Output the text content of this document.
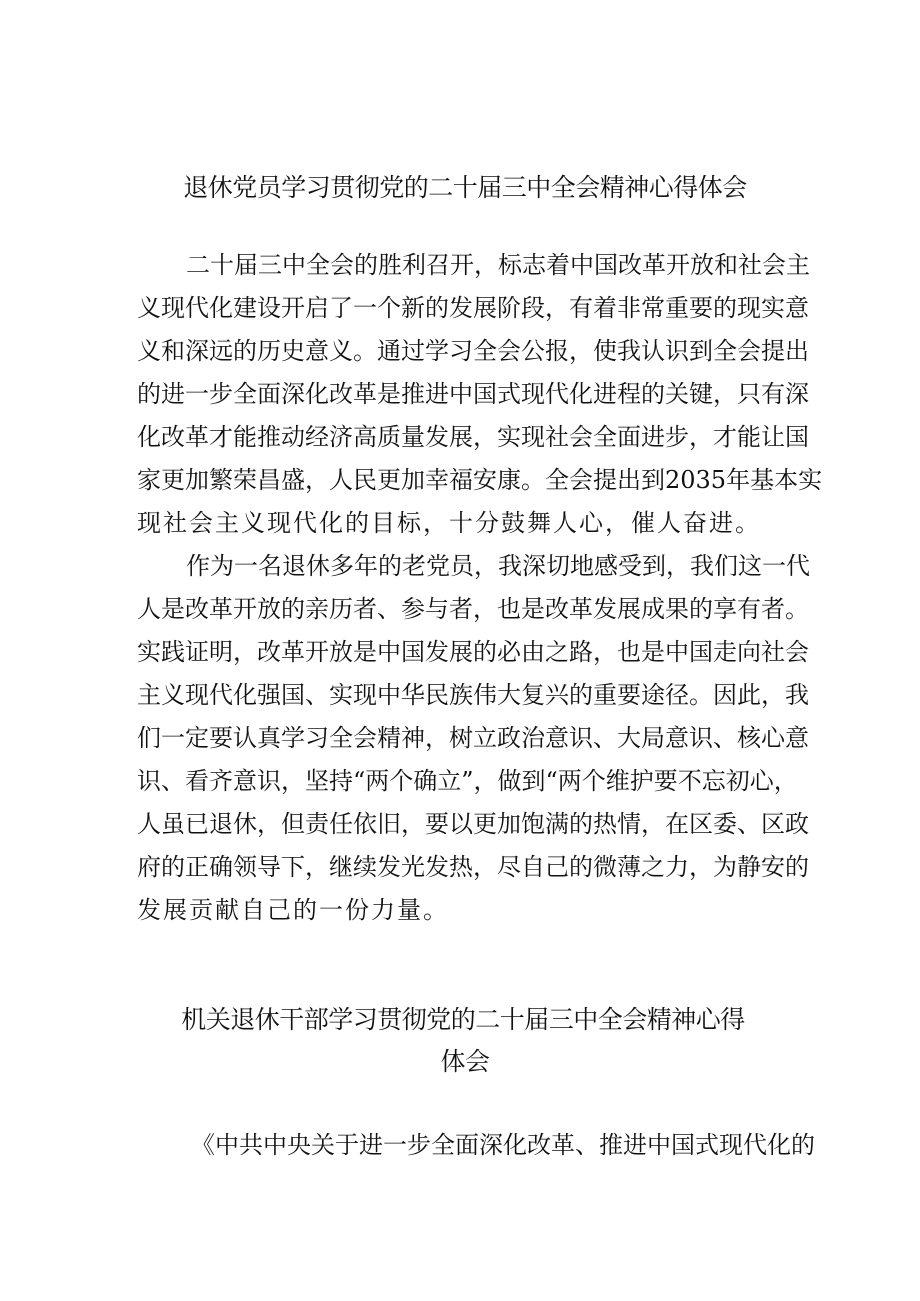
退休党员学习贯彻党的二十届三中全会精神心得体会
二十届三中全会的胜利召开，标志着中国改革开放和社会主
义现代化建设开启了一个新的发展阶段，有着非常重要的现实意
义和深远的历史意义。通过学习全会公报，使我认识到全会提出
的进一步全面深化改革是推进中国式现代化进程的关键，只有深
化改革才能推动经济高质量发展，实现社会全面进步，才能让国
家更加繁荣昌盛，人民更加幸福安康。全会提出到2035年基本实
现社会主义现代化的目标，十分鼓舞人心，催人奋进。
作为一名退休多年的老党员，我深切地感受到，我们这一代
人是改革开放的亲历者、参与者，也是改革发展成果的享有者。
实践证明，改革开放是中国发展的必由之路，也是中国走向社会
主义现代化强国、实现中华民族伟大复兴的重要途径。因此，我
们一定要认真学习全会精神，树立政治意识、大局意识、核心意
识、看齐意识，坚持“两个确立”，做到“两个维护要不忘初心，
人虽已退休，但责任依旧，要以更加饱满的热情，在区委、区政
府的正确领导下，继续发光发热，尽自己的微薄之力，为静安的
发展贡献自己的一份力量。
机关退休干部学习贯彻党的二十届三中全会精神心得
体会
《中共中央关于进一步全面深化改革、推进中国式现代化的
